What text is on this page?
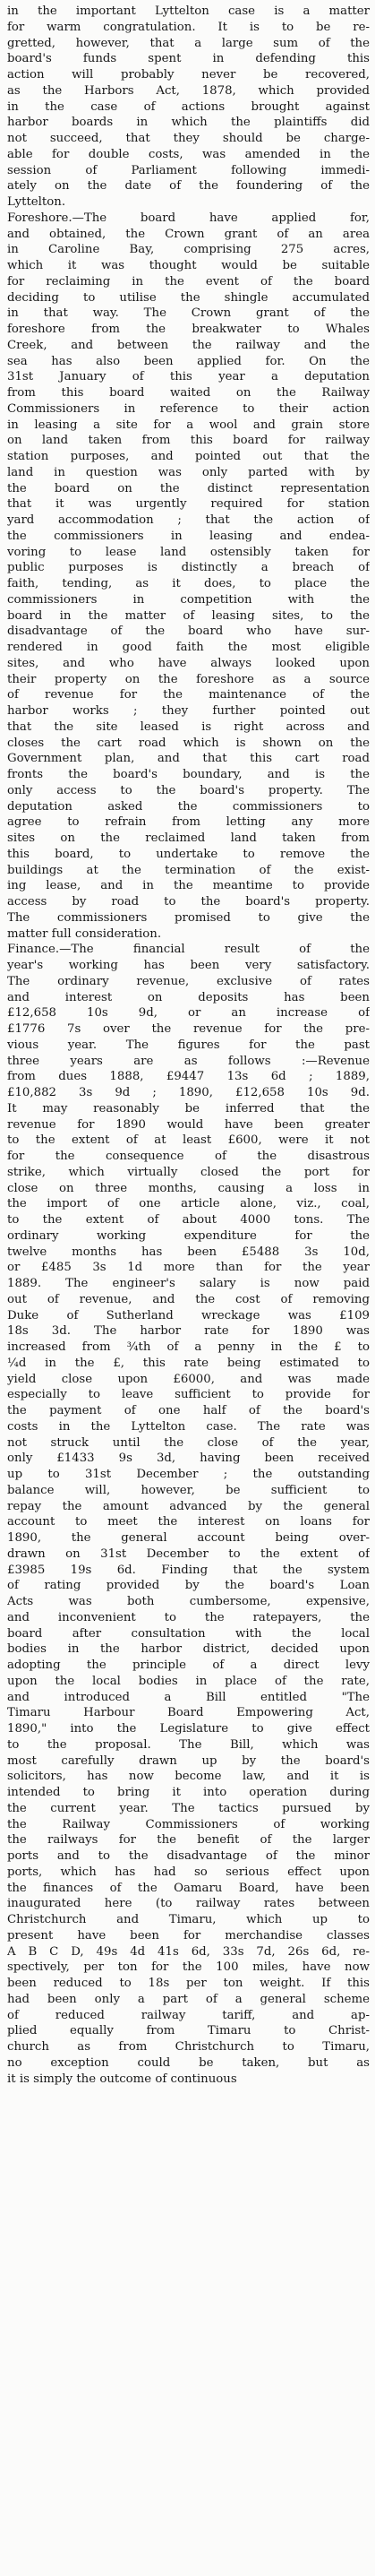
in the important Lyttelton case is a matter
for warm congratulation. It is to be re-
gretted, however, that a large sum of the
board's funds spent in defending this
action will probably never be recovered,
as the Harbors Act, 1878, which provided
in the case of actions brought against
harbor boards in which the plaintiffs did
not succeed, that they should be charge-
able for double costs, was amended in the
session of Parliament following immedi-
ately on the date of the foundering of the
Lyttelton.

Foreshore.—The board have applied for,
and obtained, the Crown grant of an area
in Caroline Bay, comprising 275 acres,
which it was thought would be suitable
for reclaiming in the event of the board
deciding to utilise the shingle accumulated
in that way. The Crown grant of the
foreshore from the breakwater to Whales
Creek, and between the railway and the
sea has also been applied for. On the
31st January of this year a deputation
from this board waited on the Railway
Commissioners in reference to their action
in leasing a site for a wool and grain store
on land taken from this board for railway
station purposes, and pointed out that the
land in question was only parted with by
the board on the distinct representation
that it was urgently required for station
yard accommodation ; that the action of
the commissioners in leasing and endea-
voring to lease land ostensibly taken for
public purposes is distinctly a breach of
faith, tending, as it does, to place the
commissioners in competition with the
board in the matter of leasing sites, to the
disadvantage of the board who have sur-
rendered in good faith the most eligible
sites, and who have always looked upon
their property on the foreshore as a source
of revenue for the maintenance of the
harbor works ; they further pointed out
that the site leased is right across and
closes the cart road which is shown on the
Government plan, and that this cart road
fronts the board's boundary, and is the
only access to the board's property. The
deputation asked the commissioners to
agree to refrain from letting any more
sites on the reclaimed land taken from
this board, to undertake to remove the
buildings at the termination of the exist-
ing lease, and in the meantime to provide
access by road to the board's property.
The commissioners promised to give the
matter full consideration.

Finance.—The financial result of the
year's working has been very satisfactory.
The ordinary revenue, exclusive of rates
and interest on deposits has been
£12,658 10s 9d, or an increase of
£1776 7s over the revenue for the pre-
vious year. The figures for the past
three years are as follows :—Revenue
from dues 1888, £9447 13s 6d ; 1889,
£10,882 3s 9d ; 1890, £12,658 10s 9d.
It may reasonably be inferred that the
revenue for 1890 would have been greater
to the extent of at least £600, were it not
for the consequence of the disastrous
strike, which virtually closed the port for
close on three months, causing a loss in
the import of one article alone, viz., coal,
to the extent of about 4000 tons. The
ordinary working expenditure for the
twelve months has been £5488 3s 10d,
or £485 3s 1d more than for the year
1889. The engineer's salary is now paid
out of revenue, and the cost of removing
Duke of Sutherland wreckage was £109
18s 3d. The harbor rate for 1890 was
increased from ¾th of a penny in the £ to
¼d in the £, this rate being estimated to
yield close upon £6000, and was made
especially to leave sufficient to provide for
the payment of one half of the board's
costs in the Lyttelton case. The rate was
not struck until the close of the year,
only £1433 9s 3d, having been received
up to 31st December ; the outstanding
balance will, however, be sufficient to
repay the amount advanced by the general
account to meet the interest on loans for
1890, the general account being over-
drawn on 31st December to the extent of
£3985 19s 6d. Finding that the system
of rating provided by the board's Loan
Acts was both cumbersome, expensive,
and inconvenient to the ratepayers, the
board after consultation with the local
bodies in the harbor district, decided upon
adopting the principle of a direct levy
upon the local bodies in place of the rate,
and introduced a Bill entitled "The
Timaru Harbour Board Empowering Act,
1890," into the Legislature to give effect
to the proposal. The Bill, which was
most carefully drawn up by the board's
solicitors, has now become law, and it is
intended to bring it into operation during
the current year. The tactics pursued by
the Railway Commissioners of working
the railways for the benefit of the larger
ports and to the disadvantage of the minor
ports, which has had so serious effect upon
the finances of the Oamaru Board, have been
inaugurated here (to railway rates between
Christchurch and Timaru, which up to
present have been for merchandise classes
A B C D, 49s 4d 41s 6d, 33s 7d, 26s 6d, re-
spectively, per ton for the 100 miles, have now
been reduced to 18s per ton weight. If this
had been only a part of a general scheme
of reduced railway tariff, and ap-
plied equally from Timaru to Christ-
church as from Christchurch to Timaru,
no exception could be taken, but as
it is simply the outcome of continuous
